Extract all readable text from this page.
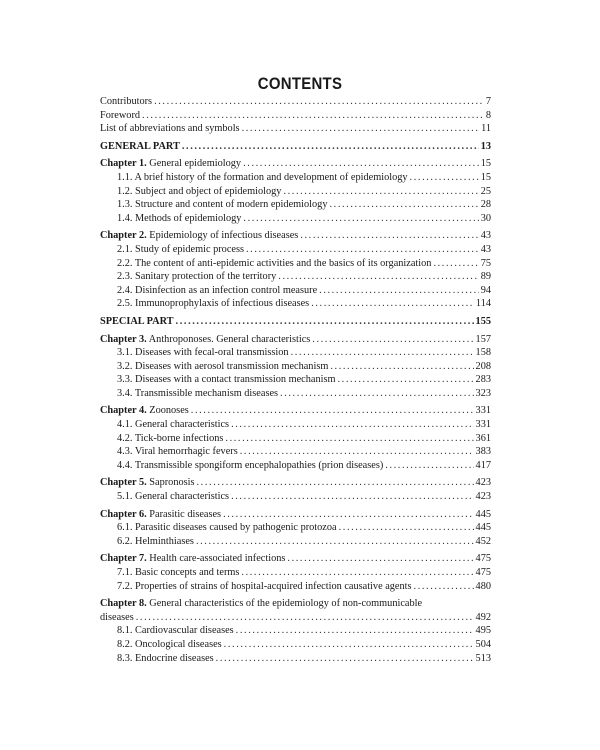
CONTENTS
Contributors .....	7
Foreword .....	8
List of abbreviations and symbols .....	11
GENERAL PART .....	13
Chapter 1. General epidemiology .....	15
1.1. A brief history of the formation and development of epidemiology .....	15
1.2. Subject and object of epidemiology .....	25
1.3. Structure and content of modern epidemiology .....	28
1.4. Methods of epidemiology .....	30
Chapter 2. Epidemiology of infectious diseases .....	43
2.1. Study of epidemic process .....	43
2.2. The content of anti-epidemic activities and the basics of its organization .....	75
2.3. Sanitary protection of the territory .....	89
2.4. Disinfection as an infection control measure .....	94
2.5. Immunoprophylaxis of infectious diseases .....	114
SPECIAL PART .....	155
Chapter 3. Anthroponoses. General characteristics .....	157
3.1. Diseases with fecal-oral transmission .....	158
3.2. Diseases with aerosol transmission mechanism .....	208
3.3. Diseases with a contact transmission mechanism .....	283
3.4. Transmissible mechanism diseases .....	323
Chapter 4. Zoonoses .....	331
4.1. General characteristics .....	331
4.2. Tick-borne infections .....	361
4.3. Viral hemorrhagic fevers .....	383
4.4. Transmissible spongiform encephalopathies (prion diseases) .....	417
Chapter 5. Sapronosis .....	423
5.1. General characteristics .....	423
Chapter 6. Parasitic diseases .....	445
6.1. Parasitic diseases caused by pathogenic protozoa .....	445
6.2. Helminthiases .....	452
Chapter 7. Health care-associated infections .....	475
7.1. Basic concepts and terms .....	475
7.2. Properties of strains of hospital-acquired infection causative agents .....	480
Chapter 8. General characteristics of the epidemiology of non-communicable
diseases .....	492
8.1. Cardiovascular diseases .....	495
8.2. Oncological diseases .....	504
8.3. Endocrine diseases .....	513
